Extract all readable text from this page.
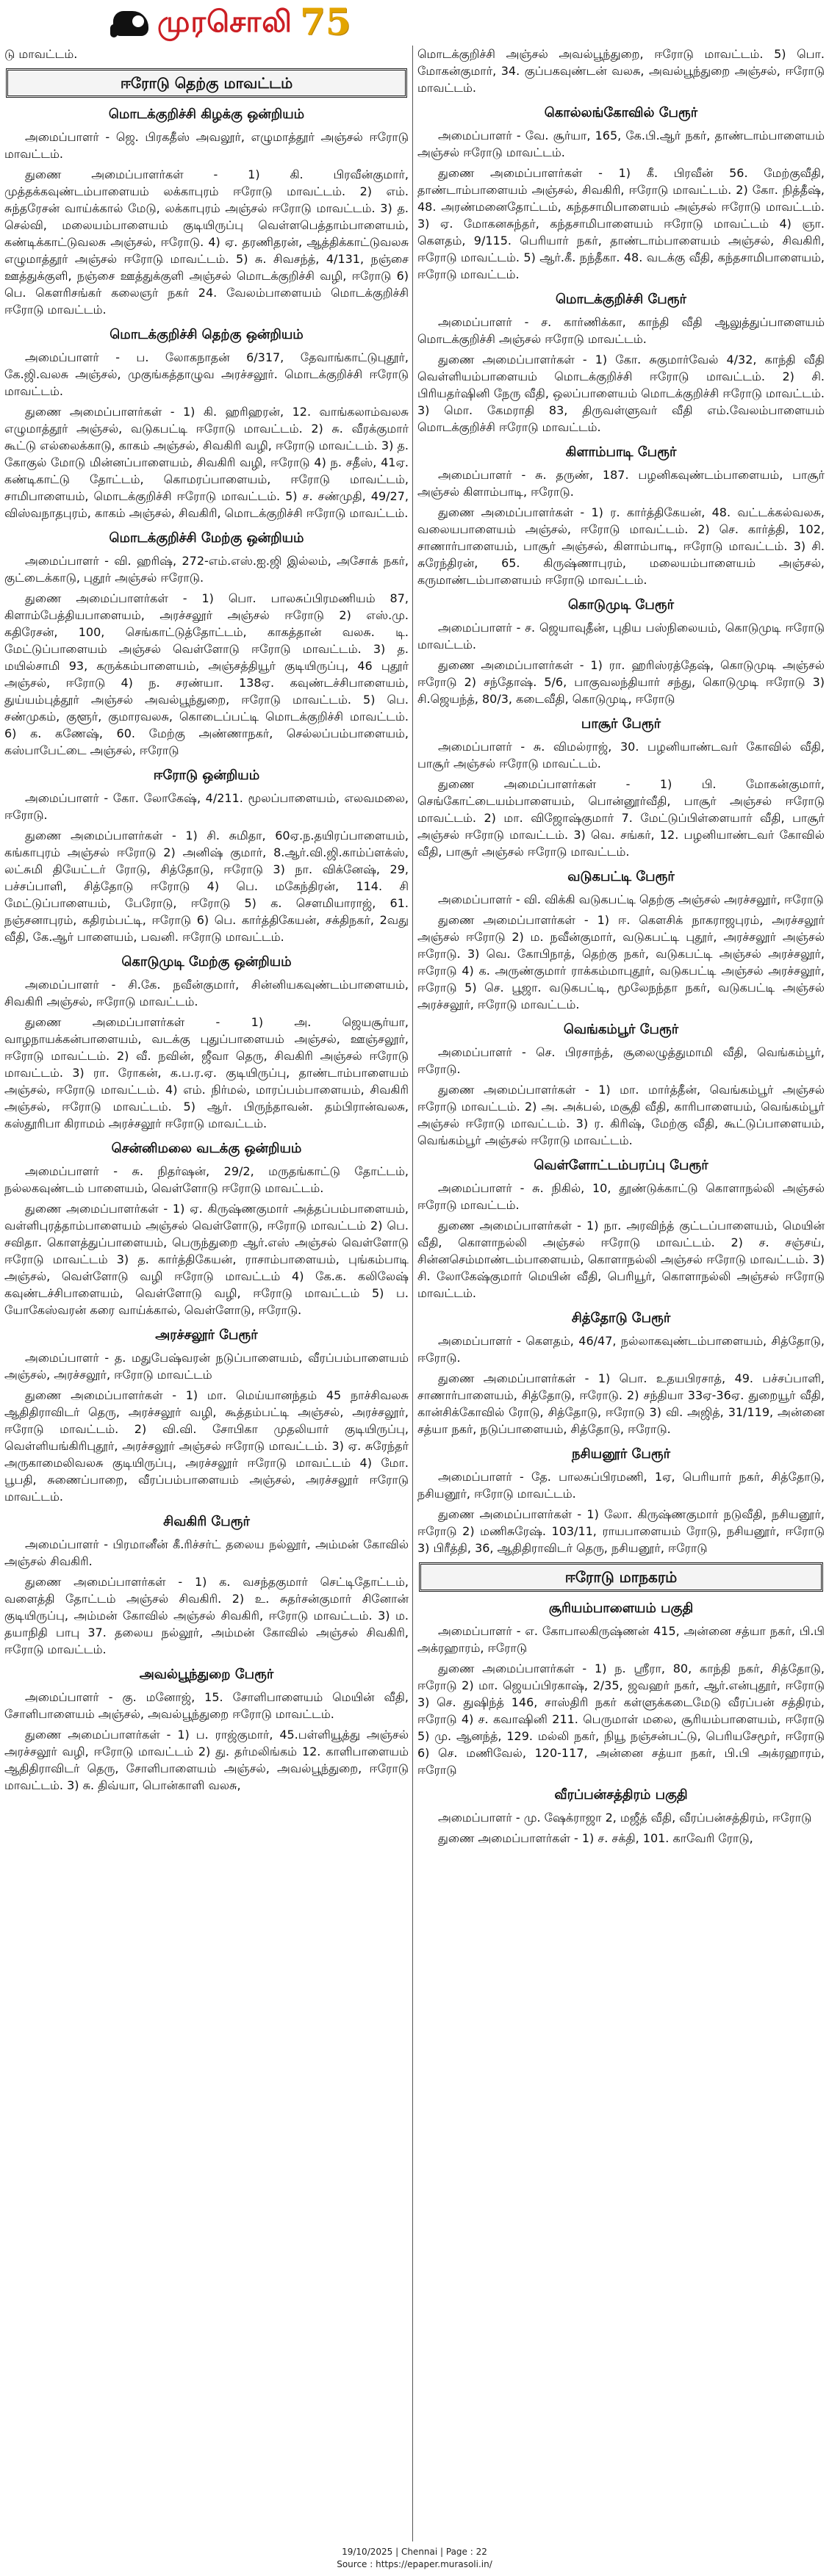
முரசொலி 75
டு மாவட்டம்.
ஈரோடு தெற்கு மாவட்டம்
மொடக்குறிச்சி கிழக்கு ஒன்றியம்
அமைப்பாளர் - ஜெ. பிரகதீஸ் அவலூர், எழுமாத்தூர் அஞ்சல் ஈரோடு மாவட்டம்.
துணை அமைப்பாளர்கள் - 1) கி. பிரவீன்குமார், முத்தக்கவுண்டம்பாளையம் லக்காபுரம் ஈரோடு மாவட்டம். 2) எம். சுந்தரேசன் வாய்க்கால் மேடு, லக்காபுரம் அஞ்சல் ஈரோடு மாவட்டம். 3) த. செல்வி, மலையம்பாளையம் குடியிருப்பு வெள்ளபெத்தாம்பாளையம், கண்டிக்காட்டுவலசு அஞ்சல், ஈரோடு. 4) ஏ. தரணிதரன், ஆத்திக்காட்டுவலசு எழுமாத்தூர் அஞ்சல் ஈரோடு மாவட்டம். 5) சு. சிவசந்த், 4/131, நஞ்சை ஊத்துக்குளி, நஞ்சை ஊத்துக்குளி அஞ்சல் மொடக்குறிச்சி வழி, ஈரோடு 6) பெ. கௌரிசங்கர் கலைஞர் நகர் 24. வேலம்பாளையம் மொடக்குறிச்சி ஈரோடு மாவட்டம்.
மொடக்குறிச்சி தெற்கு ஒன்றியம்
அமைப்பாளர் - ப. லோகநாதன் 6/317, தேவாங்காட்டுபுதூர், கே.ஜி.வலசு அஞ்சல், முகுங்கத்தாழுவ அரச்சலூர். மொடக்குறிச்சி ஈரோடு மாவட்டம்.
துணை அமைப்பாளர்கள் - 1) கி. ஹரிஹரன், 12. வாங்கலாம்வலசு எழுமாத்தூர் அஞ்சல், வடுகபட்டி ஈரோடு மாவட்டம். 2) சு. வீரக்குமார் கூட்டு எல்லைக்காடு, காகம் அஞ்சல், சிவகிரி வழி, ஈரோடு மாவட்டம். 3) த. கோகுல் மோடு மின்னப்பாளையம், சிவகிரி வழி, ஈரோடு 4) ந. சதீஸ், 41ஏ. கண்டிகாட்டு தோட்டம், கொமரப்பாளையம், ஈரோடு மாவட்டம், சாமிபாளையம், மொடக்குறிச்சி ஈரோடு மாவட்டம். 5) ச. சண்முதி, 49/27, விஸ்வநாதபுரம், காகம் அஞ்சல், சிவகிரி, மொடக்குறிச்சி ஈரோடு மாவட்டம்.
மொடக்குறிச்சி மேற்கு ஒன்றியம்
அமைப்பாளர் - வி. ஹரிஷ், 272-எம்.எஸ்.ஐ.ஜி இல்லம், அசோக் நகர், குட்டைக்காடு, புதூர் அஞ்சல் ஈரோடு.
துணை அமைப்பாளர்கள் - 1) பொ. பாலசுப்பிரமணியம் 87, கிளாம்பேத்தியபாளையம், அரச்சலூர் அஞ்சல் ஈரோடு 2) எஸ்.மு. கதிரேசன், 100, செங்காட்டுத்தோட்டம், காகத்தான் வலசு. டி. மேட்டுப்பாளையம் அஞ்சல் வெள்ளோடு ஈரோடு மாவட்டம். 3) த. மயில்சாமி 93, கருக்கம்பாளையம், அஞ்சத்தியூர் குடியிருப்பு, 46 புதூர் அஞ்சல், ஈரோடு 4) ந. சரண்யா. 138ஏ. கவுண்டச்சிபாளையம், துய்யம்புத்தூர் அஞ்சல் அவல்பூந்துறை, ஈரோடு மாவட்டம். 5) பெ. சண்முகம், குளூர், குமாரவலசு, கொடைப்பட்டி மொடக்குறிச்சி மாவட்டம். 6) க. கணேஷ், 60. மேற்கு அண்ணாநகர், செல்லப்பம்பாளையம், கஸ்பாபேட்டை அஞ்சல், ஈரோடு
ஈரோடு ஒன்றியம்
அமைப்பாளர் - கோ. லோகேஷ், 4/211. மூலப்பாளையம், எலவமலை, ஈரோடு.
துணை அமைப்பாளர்கள் - 1) சி. சுமிதா, 60ஏ.ந.தயிரப்பாளையம், கங்காபுரம் அஞ்சல் ஈரோடு 2) அனிஷ் குமார், 8.ஆர்.வி.ஜி.காம்ப்ளக்ஸ், லட்சுமி தியேட்டர் ரோடு, சித்தோடு, ஈரோடு 3) நா. விக்னேஷ், 29, பச்சப்பாளி, சித்தோடு ஈரோடு 4) பெ. மகேந்திரன், 114. சி மேட்டுப்பாளையம், பேரோடு, ஈரோடு 5) க. சௌமியாராஜ், 61. நஞ்சனாபுரம், கதிரம்பட்டி, ஈரோடு 6) பெ. கார்த்திகேயன், சக்திநகர், 2வது வீதி, கே.ஆர் பாளையம், பவனி. ஈரோடு மாவட்டம்.
கொடுமுடி மேற்கு ஒன்றியம்
அமைப்பாளர் - சி.கே. நவீன்குமார், சின்னியகவுண்டம்பாளையம், சிவகிரி அஞ்சல், ஈரோடு மாவட்டம்.
துணை அமைப்பாளர்கள் - 1) அ. ஜெயசூர்யா, வாழநாயக்கன்பாளையம், வடக்கு புதுப்பாளையம் அஞ்சல், ஊஞ்சலூர், ஈரோடு மாவட்டம். 2) வீ. நவின், ஜீவா தெரு, சிவகிரி அஞ்சல் ஈரோடு மாவட்டம். 3) ரா. ரோகன், க.ப.ர.ஏ. குடியிருப்பு, தாண்டாம்பாளையம் அஞ்சல், ஈரோடு மாவட்டம். 4) எம். நிர்மல், மாரப்பம்பாளையம், சிவகிரி அஞ்சல், ஈரோடு மாவட்டம். 5) ஆர். பிருந்தாவன். தம்பிரான்வலசு, கஸ்தூரிபா கிராமம் அரச்சலூர் ஈரோடு மாவட்டம்.
சென்னிமலை வடக்கு ஒன்றியம்
அமைப்பாளர் - சு. நிதர்ஷன், 29/2, மருதங்காட்டு தோட்டம், நல்லகவுண்டம் பாளையம், வெள்ளோடு ஈரோடு மாவட்டம்.
துணை அமைப்பாளர்கள் - 1) ஏ. கிருஷ்ணகுமார் அத்தப்பம்பாளையம், வள்ளிபுரத்தாம்பாளையம் அஞ்சல் வெள்ளோடு, ஈரோடு மாவட்டம் 2) பெ. சவிதா. கொளத்துப்பாளையம், பெருந்துறை ஆர்.எஸ் அஞ்சல் வெள்ளோடு ஈரோடு மாவட்டம் 3) த. கார்த்திகேயன், ராசாம்பாளையம், புங்கம்பாடி அஞ்சல், வெள்ளோடு வழி ஈரோடு மாவட்டம் 4) கே.க. கலிலேஷ் கவுண்டச்சிபாளையம், வெள்ளோடு வழி, ஈரோடு மாவட்டம் 5) ப. யோகேஸ்வரன் கரை வாய்க்கால், வெள்ளோடு, ஈரோடு.
அரச்சலூர் பேரூர்
அமைப்பாளர் - த. மதுபேஷ்வரன் நடுப்பாளையம், வீரப்பம்பாளையம் அஞ்சல், அரச்சலூர், ஈரோடு மாவட்டம்
துணை அமைப்பாளர்கள் - 1) மா. மெய்யானந்தம் 45 நாச்சிவலசு ஆதிதிராவிடர் தெரு, அரச்சலூர் வழி, கூத்தம்பட்டி அஞ்சல், அரச்சலூர், ஈரோடு மாவட்டம். 2) வி.வி. சோபிகா முதலியார் குடியிருப்பு, வெள்ளியங்கிரிபுதூர், அரச்சலூர் அஞ்சல் ஈரோடு மாவட்டம். 3) ஏ. சுரேந்தர் அருகாமைலிவலசு குடியிருப்பு, அரச்சலூர் ஈரோடு மாவட்டம் 4) மோ. பூபதி, சுணைப்பாறை, வீரப்பம்பாளையம் அஞ்சல், அரச்சலூர் ஈரோடு மாவட்டம்.
சிவகிரி பேரூர்
அமைப்பாளர் - பிரமானீன் கீ.ரிச்சர்ட் தலைய நல்லூர், அம்மன் கோவில் அஞ்சல் சிவகிரி.
துணை அமைப்பாளர்கள் - 1) க. வசந்தகுமார் செட்டிதோட்டம், வளைத்தி தோட்டம் அஞ்சல் சிவகிரி. 2) உ. சுதர்சன்குமார் சினோன் குடியிருப்பு, அம்மன் கோவில் அஞ்சல் சிவகிரி, ஈரோடு மாவட்டம். 3) ம. தயாநிதி பாபு 37. தலைய நல்லூர், அம்மன் கோவில் அஞ்சல் சிவகிரி, ஈரோடு மாவட்டம்.
அவல்பூந்துறை பேரூர்
அமைப்பாளர் - கு. மனோஜ், 15. சோளிபாளையம் மெயின் வீதி, சோளிபாளையம் அஞ்சல், அவல்பூந்துறை ஈரோடு மாவட்டம்.
துணை அமைப்பாளர்கள் - 1) ப. ராஜ்குமார், 45.பள்ளியூத்து அஞ்சல் அரச்சலூர் வழி, ஈரோடு மாவட்டம் 2) து. தர்மலிங்கம் 12. காளிபாளையம் ஆதிதிராவிடர் தெரு, சோளிபாளையம் அஞ்சல், அவல்பூந்துறை, ஈரோடு மாவட்டம். 3) சு. திவ்யா, பொன்காளி வலசு,
மொடக்குறிச்சி அஞ்சல் அவல்பூந்துறை, ஈரோடு மாவட்டம். 5) பொ. மோகன்குமார், 34. குப்பகவுண்டன் வலசு, அவல்பூந்துறை அஞ்சல், ஈரோடு மாவட்டம்.
கொல்லங்கோவில் பேரூர்
அமைப்பாளர் - வே. சூர்யா, 165, கே.பி.ஆர் நகர், தாண்டாம்பாளையம் அஞ்சல் ஈரோடு மாவட்டம்.
துணை அமைப்பாளர்கள் - 1) கீ. பிரவீன் 56. மேற்குவீதி, தாண்டாம்பாளையம் அஞ்சல், சிவகிரி, ஈரோடு மாவட்டம். 2) கோ. நித்தீஷ், 48. அரண்மனைதோட்டம், கந்தசாமிபாளையம் அஞ்சல் ஈரோடு மாவட்டம். 3) ஏ. மோகனசுந்தர், கந்தசாமிபாளையம் ஈரோடு மாவட்டம் 4) ஞா. கௌதம், 9/115. பெரியார் நகர், தாண்டாம்பாளையம் அஞ்சல், சிவகிரி, ஈரோடு மாவட்டம். 5) ஆர்.கீ. நந்தீகா. 48. வடக்கு வீதி, கந்தசாமிபாளையம், ஈரோடு மாவட்டம்.
மொடக்குறிச்சி பேரூர்
அமைப்பாளர் - ச. கார்ணிக்கா, காந்தி வீதி ஆலுத்துப்பாளையம் மொடக்குறிச்சி அஞ்சல் ஈரோடு மாவட்டம்.
துணை அமைப்பாளர்கள் - 1) கோ. சுகுமார்வேல் 4/32, காந்தி வீதி வெள்ளியம்பாளையம் மொடக்குறிச்சி ஈரோடு மாவட்டம். 2) சி. பிரியதர்ஷினி நேரு வீதி, ஒலப்பாளையம் மொடக்குறிச்சி ஈரோடு மாவட்டம். 3) மொ. கேமராதி 83, திருவள்ளுவர் வீதி எம்.வேலம்பாளையம் மொடக்குறிச்சி ஈரோடு மாவட்டம்.
கிளாம்பாடி பேரூர்
அமைப்பாளர் - சு. தருண், 187. பழனிகவுண்டம்பாளையம், பாசூர் அஞ்சல் கிளாம்பாடி, ஈரோடு.
துணை அமைப்பாளர்கள் - 1) ர. கார்த்திகேயன், 48. வட்டக்கல்வலசு, வலையபாளையம் அஞ்சல், ஈரோடு மாவட்டம். 2) செ. கார்த்தி, 102, சாணார்பாளையம், பாசூர் அஞ்சல், கிளாம்பாடி, ஈரோடு மாவட்டம். 3) சி. சுரேந்திரன், 65. கிருஷ்ணாபுரம், மலையம்பாளையம் அஞ்சல், கருமாண்டம்பாளையம் ஈரோடு மாவட்டம்.
கொடுமுடி பேரூர்
அமைப்பாளர் - ச. ஜெயாவுதீன், புதிய பஸ்நிலையம், கொடுமுடி ஈரோடு மாவட்டம்.
துணை அமைப்பாளர்கள் - 1) ரா. ஹரிஸ்ரத்தேஷ், கொடுமுடி அஞ்சல் ஈரோடு 2) சந்தோஷ். 5/6, பாகுவலந்தியார் சந்து, கொடுமுடி ஈரோடு 3) சி.ஜெயந்த், 80/3, கடைவீதி, கொடுமுடி, ஈரோடு
பாசூர் பேரூர்
அமைப்பாளர் - சு. விமல்ராஜ், 30. பழனியாண்டவர் கோவில் வீதி, பாசூர் அஞ்சல் ஈரோடு மாவட்டம்.
துணை அமைப்பாளர்கள் - 1) பி. மோகன்குமார், செங்கோட்டையம்பாளையம், பொன்னூர்வீதி, பாசூர் அஞ்சல் ஈரோடு மாவட்டம். 2) மா. விஜோஷ்குமார் 7. மேட்டுப்பிள்ளையார் வீதி, பாசூர் அஞ்சல் ஈரோடு மாவட்டம். 3) வெ. சங்கர், 12. பழனியாண்டவர் கோவில் வீதி, பாசூர் அஞ்சல் ஈரோடு மாவட்டம்.
வடுகபட்டி பேரூர்
அமைப்பாளர் - வி. விக்கி வடுகபட்டி தெற்கு அஞ்சல் அரச்சலூர், ஈரோடு
துணை அமைப்பாளர்கள் - 1) ஈ. கௌசிக் நாகராஜபுரம், அரச்சலூர் அஞ்சல் ஈரோடு 2) ம. நவீன்குமார், வடுகபட்டி புதூர், அரச்சலூர் அஞ்சல் ஈரோடு. 3) வெ. கோபிநாத், தெற்கு நகர், வடுகபட்டி அஞ்சல் அரச்சலூர், ஈரோடு 4) க. அருண்குமார் ராக்கம்மாபுதூர், வடுகபட்டி அஞ்சல் அரச்சலூர், ஈரோடு 5) செ. பூஜா. வடுகபட்டி, மூலேநந்தா நகர், வடுகபட்டி அஞ்சல் அரச்சலூர், ஈரோடு மாவட்டம்.
வெங்கம்பூர் பேரூர்
அமைப்பாளர் - செ. பிரசாந்த், சூலைழுத்துமாமி வீதி, வெங்கம்பூர், ஈரோடு.
துணை அமைப்பாளர்கள் - 1) மா. மார்த்தீன், வெங்கம்பூர் அஞ்சல் ஈரோடு மாவட்டம். 2) அ. அக்பல், மசூதி வீதி, காரிபாளையம், வெங்கம்பூர் அஞ்சல் ஈரோடு மாவட்டம். 3) ர. கிரிஷ், மேற்கு வீதி, கூட்டுப்பாளையம், வெங்கம்பூர் அஞ்சல் ஈரோடு மாவட்டம்.
வெள்ளோட்டம்பரப்பு பேரூர்
அமைப்பாளர் - சு. நிகில், 10, தூண்டுக்காட்டு கொளாநல்லி அஞ்சல் ஈரோடு மாவட்டம்.
துணை அமைப்பாளர்கள் - 1) நா. அரவிந்த் குட்டப்பாளையம், மெயின் வீதி, கொளாநல்லி அஞ்சல் ஈரோடு மாவட்டம். 2) ச. சஞ்சய், சின்னசெம்மாண்டம்பாளையம், கொளாநல்லி அஞ்சல் ஈரோடு மாவட்டம். 3) சி. லோகேஷ்குமார் மெயின் வீதி, பெரியூர், கொளாநல்லி அஞ்சல் ஈரோடு மாவட்டம்.
சித்தோடு பேரூர்
அமைப்பாளர் - கௌதம், 46/47, நல்லாகவுண்டம்பாளையம், சித்தோடு, ஈரோடு.
துணை அமைப்பாளர்கள் - 1) பொ. உதயபிரசாத், 49. பச்சப்பாளி, சாணார்பாளையம், சித்தோடு, ஈரோடு. 2) சந்தியா 33ஏ-36ஏ. துறையூர் வீதி, கான்சிக்கோவில் ரோடு, சித்தோடு, ஈரோடு 3) வி. அஜித், 31/119, அன்னை சத்யா நகர், நடுப்பாளையம், சித்தோடு, ஈரோடு.
நசியனூர் பேரூர்
அமைப்பாளர் - தே. பாலசுப்பிரமணி, 1ஏ, பெரியார் நகர், சித்தோடு, நசியனூர், ஈரோடு மாவட்டம்.
துணை அமைப்பாளர்கள் - 1) லோ. கிருஷ்ணகுமார் நடுவீதி, நசியனூர், ஈரோடு 2) மணிசுரேஷ். 103/11, ராயபாளையம் ரோடு, நசியனூர், ஈரோடு 3) பிரீத்தி, 36, ஆதிதிராவிடர் தெரு, நசியனூர், ஈரோடு
ஈரோடு மாநகரம்
சூரியம்பாளையம் பகுதி
அமைப்பாளர் - எ. கோபாலகிருஷ்ணன் 415, அன்னை சத்யா நகர், பி.பி அக்ரஹாரம், ஈரோடு
துணை அமைப்பாளர்கள் - 1) ந. ஸ்ரீரா, 80, காந்தி நகர், சித்தோடு, ஈரோடு 2) மா. ஜெயப்பிரகாஷ், 2/35, ஜவஹர் நகர், ஆர்.என்புதூர், ஈரோடு 3) செ. துஷிந்த் 146, சாஸ்திரி நகர் கள்ளுக்கடைமேடு வீரப்பன் சத்திரம், ஈரோடு 4) ச. கவாஷினி 211. பெருமாள் மலை, சூரியம்பாளையம், ஈரோடு 5) மு. ஆனந்த், 129. மல்லி நகர், நியூ நஞ்சன்பட்டு, பெரியசேமூர், ஈரோடு 6) செ. மணிவேல், 120-117, அன்னை சத்யா நகர், பி.பி அக்ரஹாரம், ஈரோடு
வீரப்பன்சத்திரம் பகுதி
அமைப்பாளர் - மு. ஷேக்ராஜா 2, மஜீத் வீதி, வீரப்பன்சத்திரம், ஈரோடு
துணை அமைப்பாளர்கள் - 1) ச. சக்தி, 101. காவேரி ரோடு,
19/10/2025 | Chennai | Page : 22
Source : https://epaper.murasoli.in/
